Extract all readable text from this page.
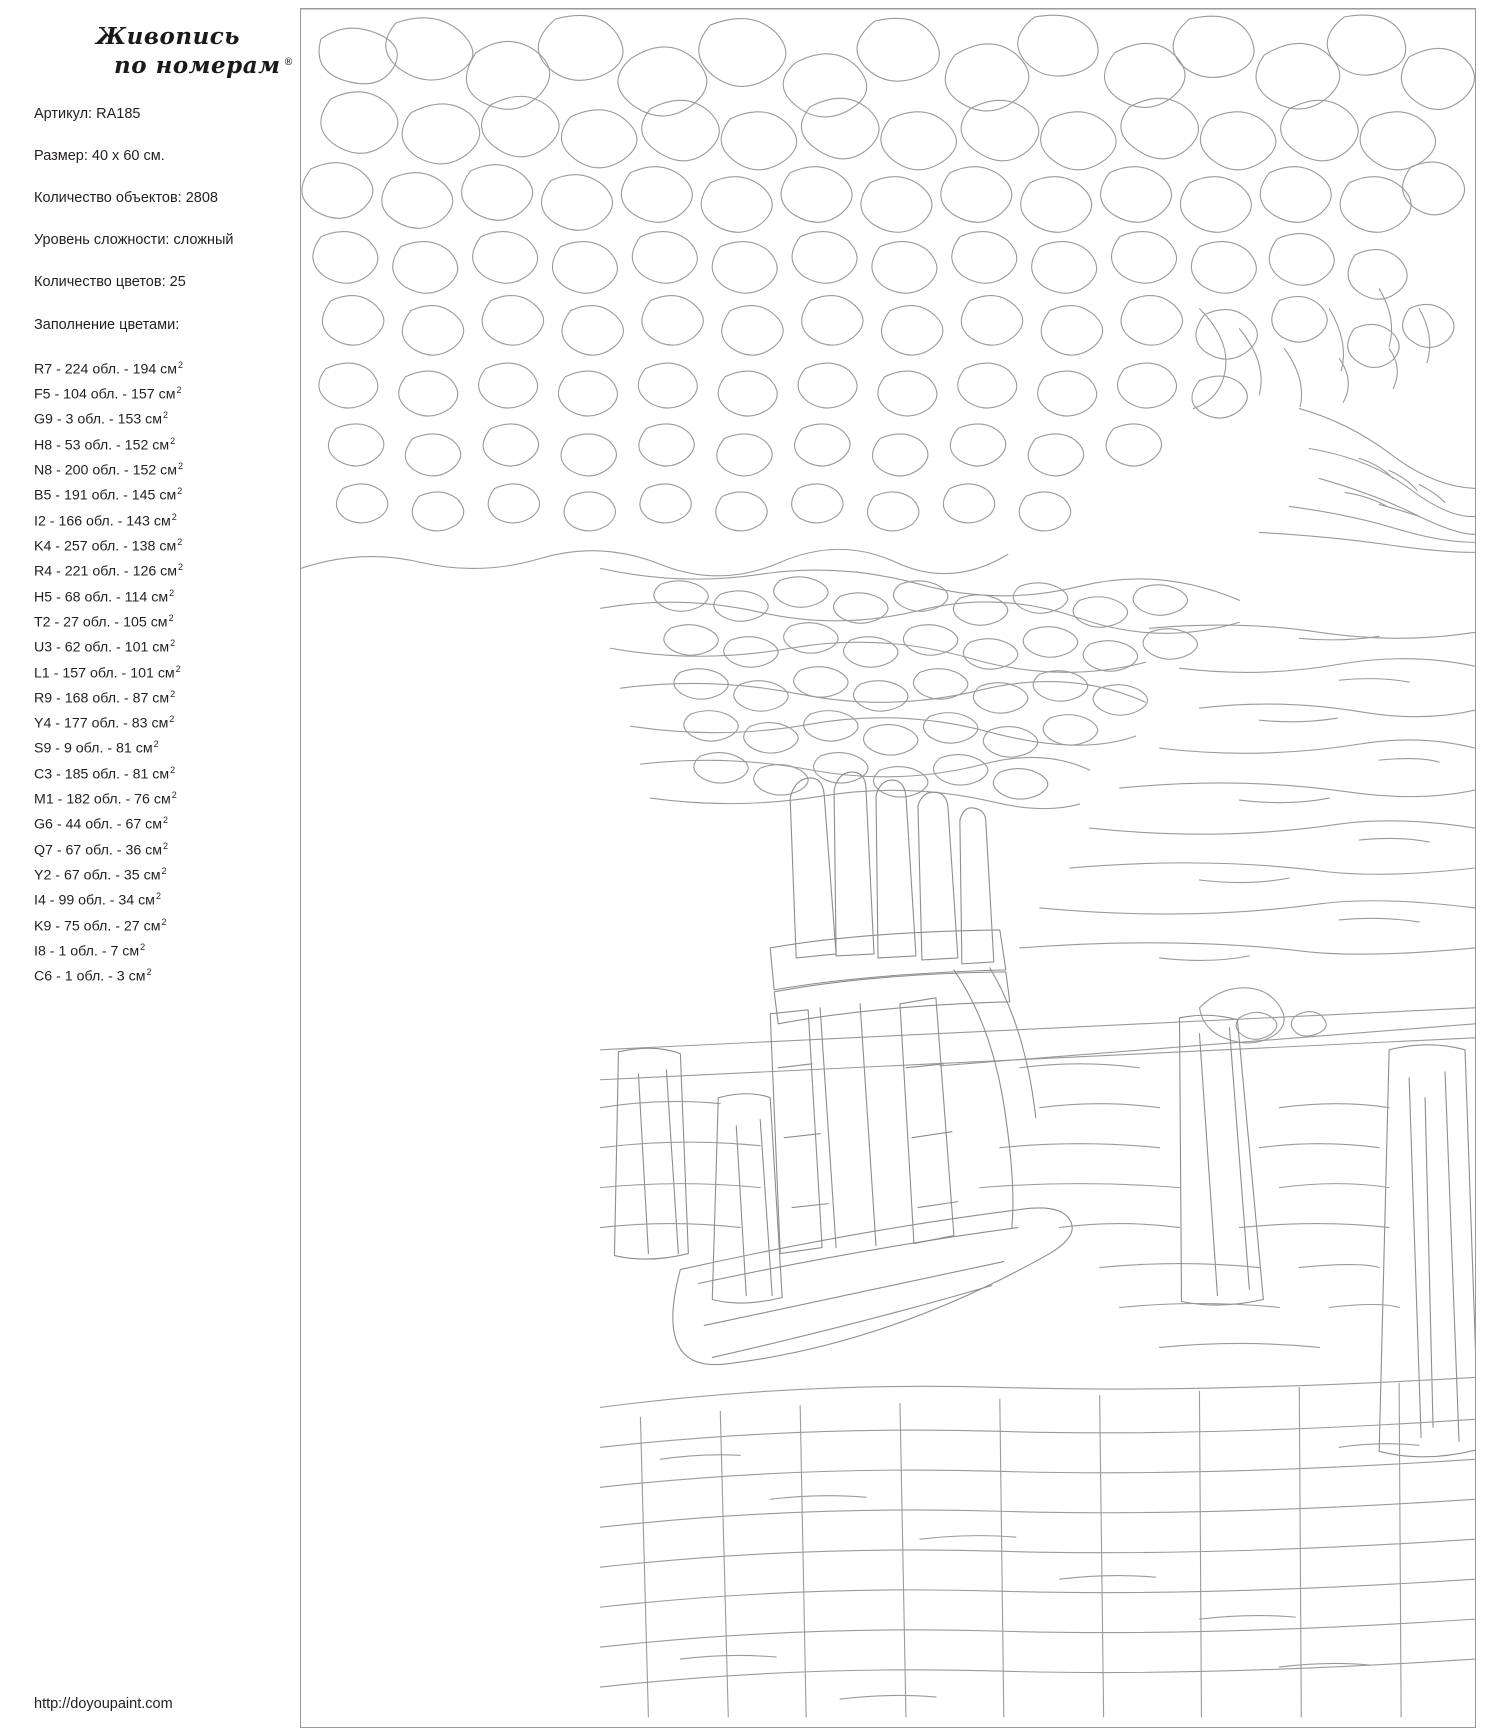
Живопись
по номерам ®
Артикул: RA185
Размер: 40 x 60 см.
Количество объектов: 2808
Уровень сложности: сложный
Количество цветов: 25
Заполнение цветами:
R7 - 224 обл. - 194 $см^2$
F5 - 104 обл. - 157 $см^2$
G9 - 3 обл. - 153 $см^2$
H8 - 53 обл. - 152 $см^2$
N8 - 200 обл. - 152 $см^2$
B5 - 191 обл. - 145 $см^2$
I2 - 166 обл. - 143 $см^2$
K4 - 257 обл. - 138 $см^2$
R4 - 221 обл. - 126 $см^2$
H5 - 68 обл. - 114 $см^2$
T2 - 27 обл. - 105 $см^2$
U3 - 62 обл. - 101 $см^2$
L1 - 157 обл. - 101 $см^2$
R9 - 168 обл. - 87 $см^2$
Y4 - 177 обл. - 83 $см^2$
S9 - 9 обл. - 81 $см^2$
C3 - 185 обл. - 81 $см^2$
M1 - 182 обл. - 76 $см^2$
G6 - 44 обл. - 67 $см^2$
Q7 - 67 обл. - 36 $см^2$
Y2 - 67 обл. - 35 $см^2$
I4 - 99 обл. - 34 $см^2$
K9 - 75 обл. - 27 $см^2$
I8 - 1 обл. - 7 $см^2$
C6 - 1 обл. - 3 $см^2$
http://doyoupaint.com
